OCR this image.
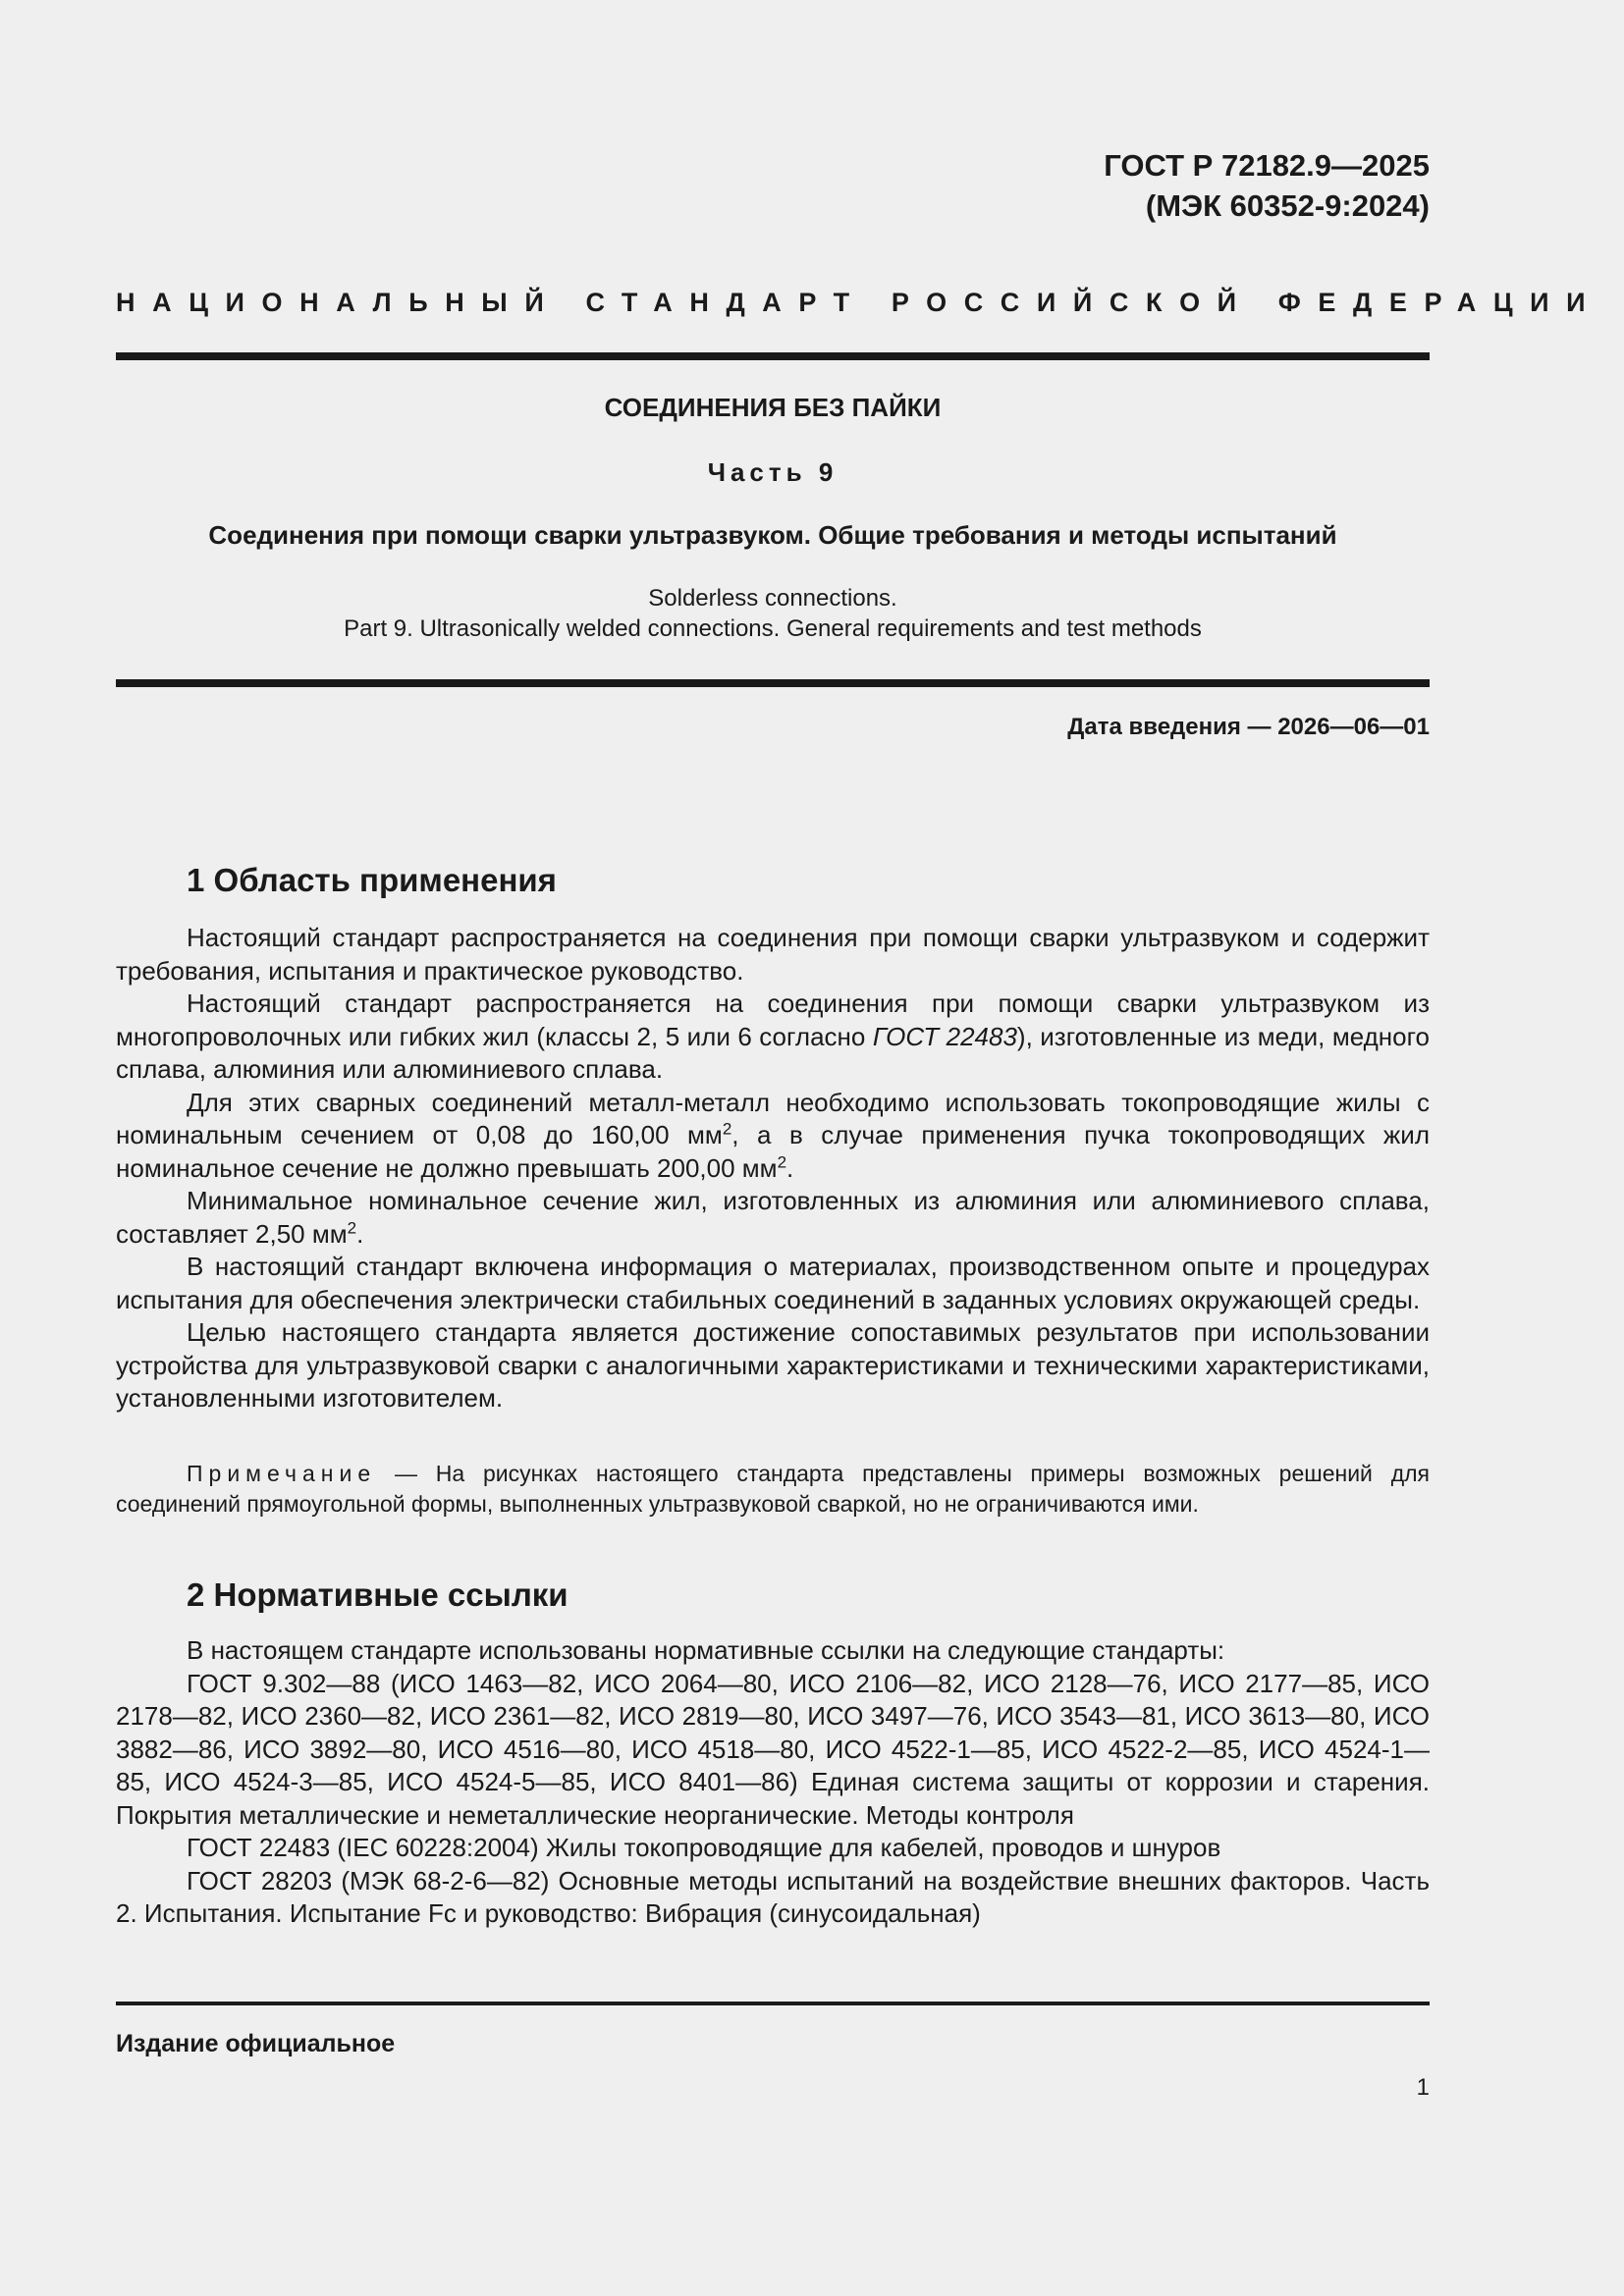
ГОСТ Р 72182.9—2025
(МЭК 60352-9:2024)
НАЦИОНАЛЬНЫЙ СТАНДАРТ РОССИЙСКОЙ ФЕДЕРАЦИИ
СОЕДИНЕНИЯ БЕЗ ПАЙКИ
Часть 9
Соединения при помощи сварки ультразвуком. Общие требования и методы испытаний
Solderless connections.
Part 9. Ultrasonically welded connections. General requirements and test methods
Дата введения — 2026—06—01
1 Область применения

Настоящий стандарт распространяется на соединения при помощи сварки ультразвуком и содержит требования, испытания и практическое руководство.

Настоящий стандарт распространяется на соединения при помощи сварки ультразвуком из многопроволочных или гибких жил (классы 2, 5 или 6 согласно ГОСТ 22483), изготовленные из меди, медного сплава, алюминия или алюминиевого сплава.

Для этих сварных соединений металл-металл необходимо использовать токопроводящие жилы с номинальным сечением от 0,08 до 160,00 $мм^2$, а в случае применения пучка токопроводящих жил номинальное сечение не должно превышать 200,00 $мм^2$.

Минимальное номинальное сечение жил, изготовленных из алюминия или алюминиевого сплава, составляет 2,50 $мм^2$.

В настоящий стандарт включена информация о материалах, производственном опыте и процедурах испытания для обеспечения электрически стабильных соединений в заданных условиях окружающей среды.

Целью настоящего стандарта является достижение сопоставимых результатов при использовании устройства для ультразвуковой сварки с аналогичными характеристиками и техническими характеристиками, установленными изготовителем.

Примечание — На рисунках настоящего стандарта представлены примеры возможных решений для соединений прямоугольной формы, выполненных ультразвуковой сваркой, но не ограничиваются ими.

2 Нормативные ссылки

В настоящем стандарте использованы нормативные ссылки на следующие стандарты:

ГОСТ 9.302—88 (ИСО 1463—82, ИСО 2064—80, ИСО 2106—82, ИСО 2128—76, ИСО 2177—85, ИСО 2178—82, ИСО 2360—82, ИСО 2361—82, ИСО 2819—80, ИСО 3497—76, ИСО 3543—81, ИСО 3613—80, ИСО 3882—86, ИСО 3892—80, ИСО 4516—80, ИСО 4518—80, ИСО 4522-1—85, ИСО 4522-2—85, ИСО 4524-1—85, ИСО 4524-3—85, ИСО 4524-5—85, ИСО 8401—86) Единая система защиты от коррозии и старения. Покрытия металлические и неметаллические неорганические. Методы контроля

ГОСТ 22483 (IEC 60228:2004) Жилы токопроводящие для кабелей, проводов и шнуров

ГОСТ 28203 (МЭК 68-2-6—82) Основные методы испытаний на воздействие внешних факторов. Часть 2. Испытания. Испытание Fc и руководство: Вибрация (синусоидальная)

Издание официальное
1
